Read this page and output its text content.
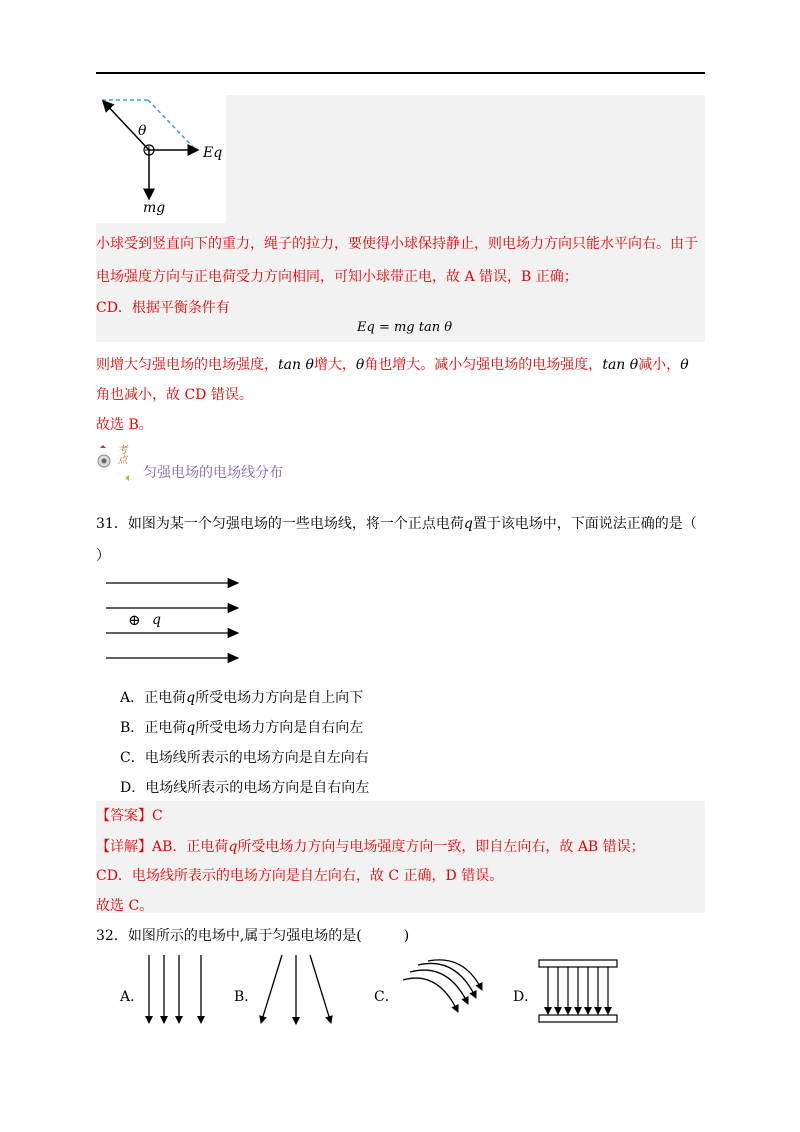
θ
Eq
mg
小球受到竖直向下的重力，绳子的拉力，要使得小球保持静止，则电场力方向只能水平向右。由于
电场强度方向与正电荷受力方向相同，可知小球带正电，故 A 错误，B 正确；
CD．根据平衡条件有
Eq = mg tan θ
则增大匀强电场的电场强度，tan θ增大，θ角也增大。减小匀强电场的电场强度，tan θ减小，θ
角也减小，故 CD 错误。
故选 B。
考点
匀强电场的电场线分布
31．如图为某一个匀强电场的一些电场线，将一个正点电荷q置于该电场中，下面说法正确的是（
）
⊕ q
A．正电荷q所受电场力方向是自上向下
B．正电荷q所受电场力方向是自右向左
C．电场线所表示的电场方向是自左向右
D．电场线所表示的电场方向是自右向左
【答案】C
【详解】AB．正电荷q所受电场力方向与电场强度方向一致，即自左向右，故 AB 错误；
CD．电场线所表示的电场方向是自左向右，故 C 正确，D 错误。
故选 C。
32．如图所示的电场中,属于匀强电场的是(　　　)
A．	B．	C．	D．
